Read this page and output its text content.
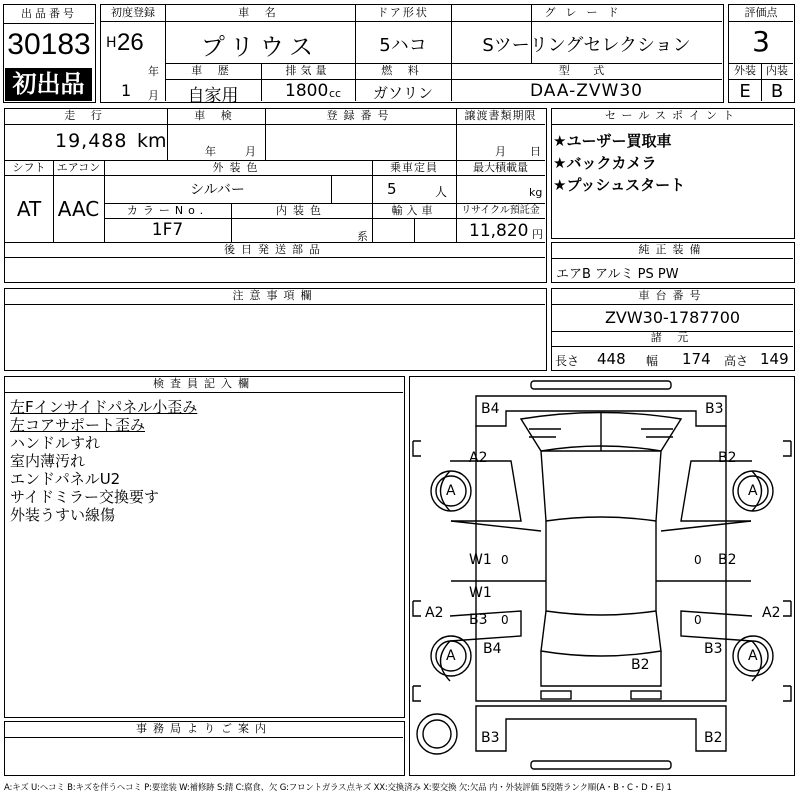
出品番号
30183
初出品
初度登録
H 26
年
1 月
車 名
プリウス
ドア形状
5ハコ
グレード
Sツーリングセレクション
車 歴
自家用
排気量
1800 cc
燃 料
ガソリン
型 式
DAA-ZVW30
評価点
3
外装 内装
E	B
走 行
19,488 km
車 検
年	月
登録番号	譲渡書類期限
月 日
シフト
AT
エアコン
AAC
外装色
シルバー
乗車定員
5	人
最大積載量
kg
カラーNo.
1F7
内装色
系
輸入車	リサイクル預託金
11,820 円
後日発送部品
セールスポイント
★ユーザー買取車
★バックカメラ
★プッシュスタート
純正装備
エアB アルミ PS PW
注意事項欄	車台番号
ZVW30-1787700
諸 元
長さ 448 幅 174 高さ 149
検査員記入欄
左Fインサイドパネル小歪み
左コアサポート歪み
ハンドルすれ
室内薄汚れ
エンドパネルU2
サイドミラー交換要す
外装うすい線傷
事務局よりご案内
B4	B3
A2	B2
A	A
W1 0	0 B2
W1
B3 0	0
A2	A2
B4	B3
A	A
B2
B3	B2
A:キズ U:ヘコミ B:キズを伴うヘコミ P:要塗装 W:補修跡 S:錆 C:腐食、欠 G:フロントガラス点キズ XX:交換済み X:要交換 欠:欠品 内・外装評価 5段階ランク順(A・B・C・D・E) 1
